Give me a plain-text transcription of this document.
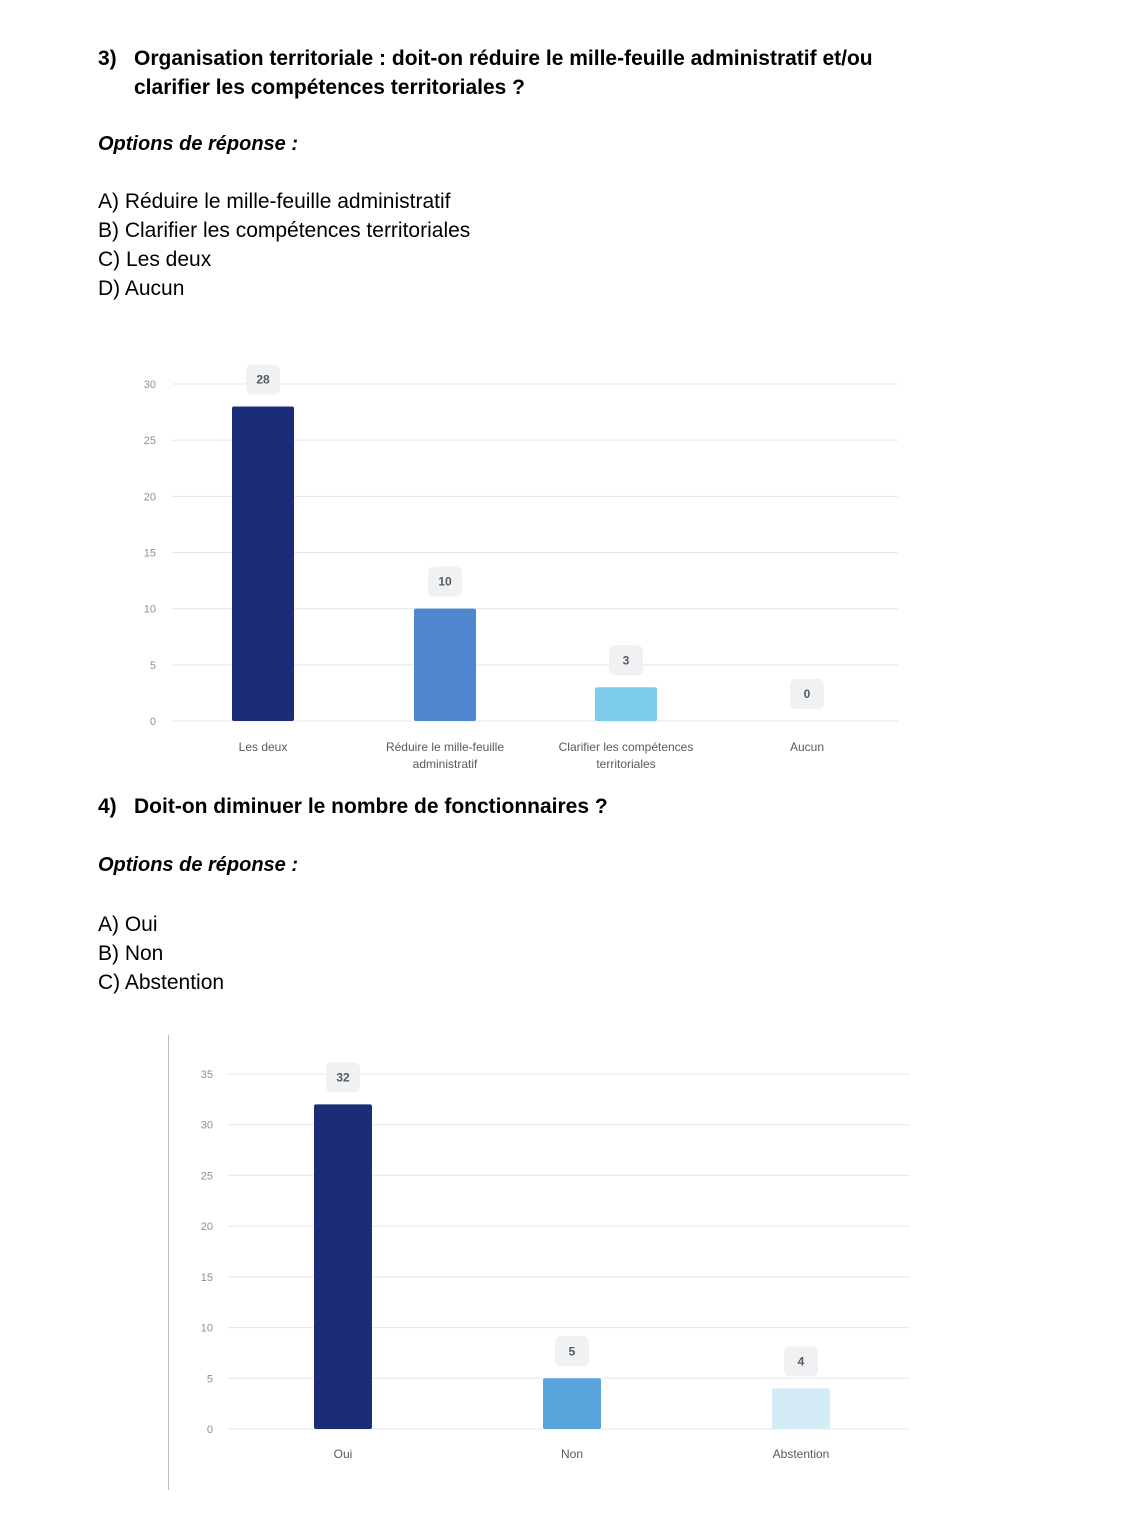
3) Organisation territoriale : doit-on réduire le mille-feuille administratif et/ou
clarifier les compétences territoriales ?

Options de réponse :

A) Réduire le mille-feuille administratif
B) Clarifier les compétences territoriales
C) Les deux
D) Aucun
0
5
10
15
20
25
30	28
Les deux
10
Réduire le mille-feuille
administratif
3
Clarifier les compétences
territoriales
0
Aucun
4) Doit-on diminuer le nombre de fonctionnaires ?

Options de réponse :

A) Oui
B) Non
C) Abstention
0
5
10
15
20
25
30
35	32
Oui
5
Non
4
Abstention
